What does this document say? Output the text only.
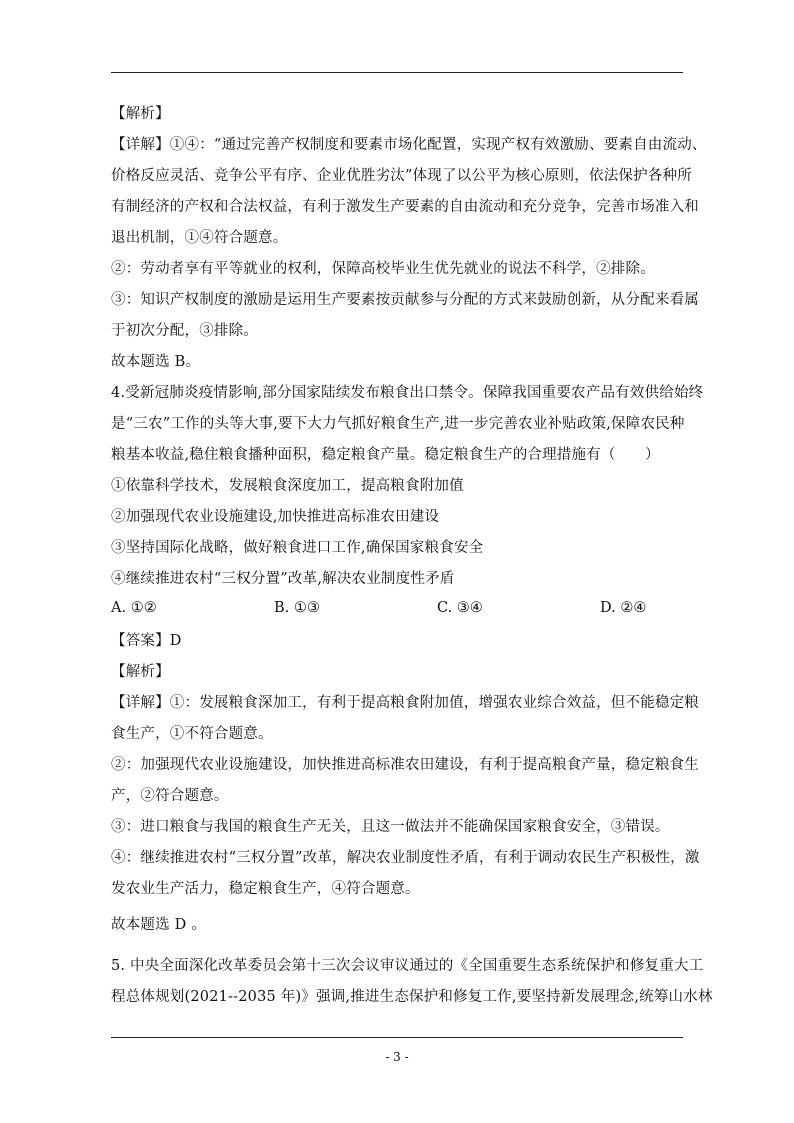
【解析】
【详解】①④：“通过完善产权制度和要素市场化配置，实现产权有效激励、要素自由流动、
价格反应灵活、竞争公平有序、企业优胜劣汰”体现了以公平为核心原则，依法保护各种所
有制经济的产权和合法权益，有利于激发生产要素的自由流动和充分竞争，完善市场准入和
退出机制，①④符合题意。
②：劳动者享有平等就业的权利，保障高校毕业生优先就业的说法不科学，②排除。
③：知识产权制度的激励是运用生产要素按贡献参与分配的方式来鼓励创新，从分配来看属
于初次分配，③排除。
故本题选 B。
4.受新冠肺炎疫情影响,部分国家陆续发布粮食出口禁令。保障我国重要农产品有效供给始终
是“三农”工作的头等大事,要下大力气抓好粮食生产,进一步完善农业补贴政策,保障农民种
粮基本收益,稳住粮食播种面积，稳定粮食产量。稳定粮食生产的合理措施有（　　）
①依靠科学技术，发展粮食深度加工，提高粮食附加值
②加强现代农业设施建设,加快推进高标准农田建设
③坚持国际化战略，做好粮食进口工作,确保国家粮食安全
④继续推进农村“三权分置”改革,解决农业制度性矛盾
A. ①②	B. ①③	C. ③④	D. ②④
【答案】D
【解析】
【详解】①：发展粮食深加工，有利于提高粮食附加值，增强农业综合效益，但不能稳定粮
食生产，①不符合题意。
②：加强现代农业设施建设，加快推进高标准农田建设，有利于提高粮食产量，稳定粮食生
产，②符合题意。
③：进口粮食与我国的粮食生产无关，且这一做法并不能确保国家粮食安全，③错误。
④：继续推进农村“三权分置”改革，解决农业制度性矛盾，有利于调动农民生产积极性，激
发农业生产活力，稳定粮食生产，④符合题意。
故本题选 D 。
5. 中央全面深化改革委员会第十三次会议审议通过的《全国重要生态系统保护和修复重大工
程总体规划(2021--2035 年)》强调,推进生态保护和修复工作,要坚持新发展理念,统筹山水林
- 3 -
